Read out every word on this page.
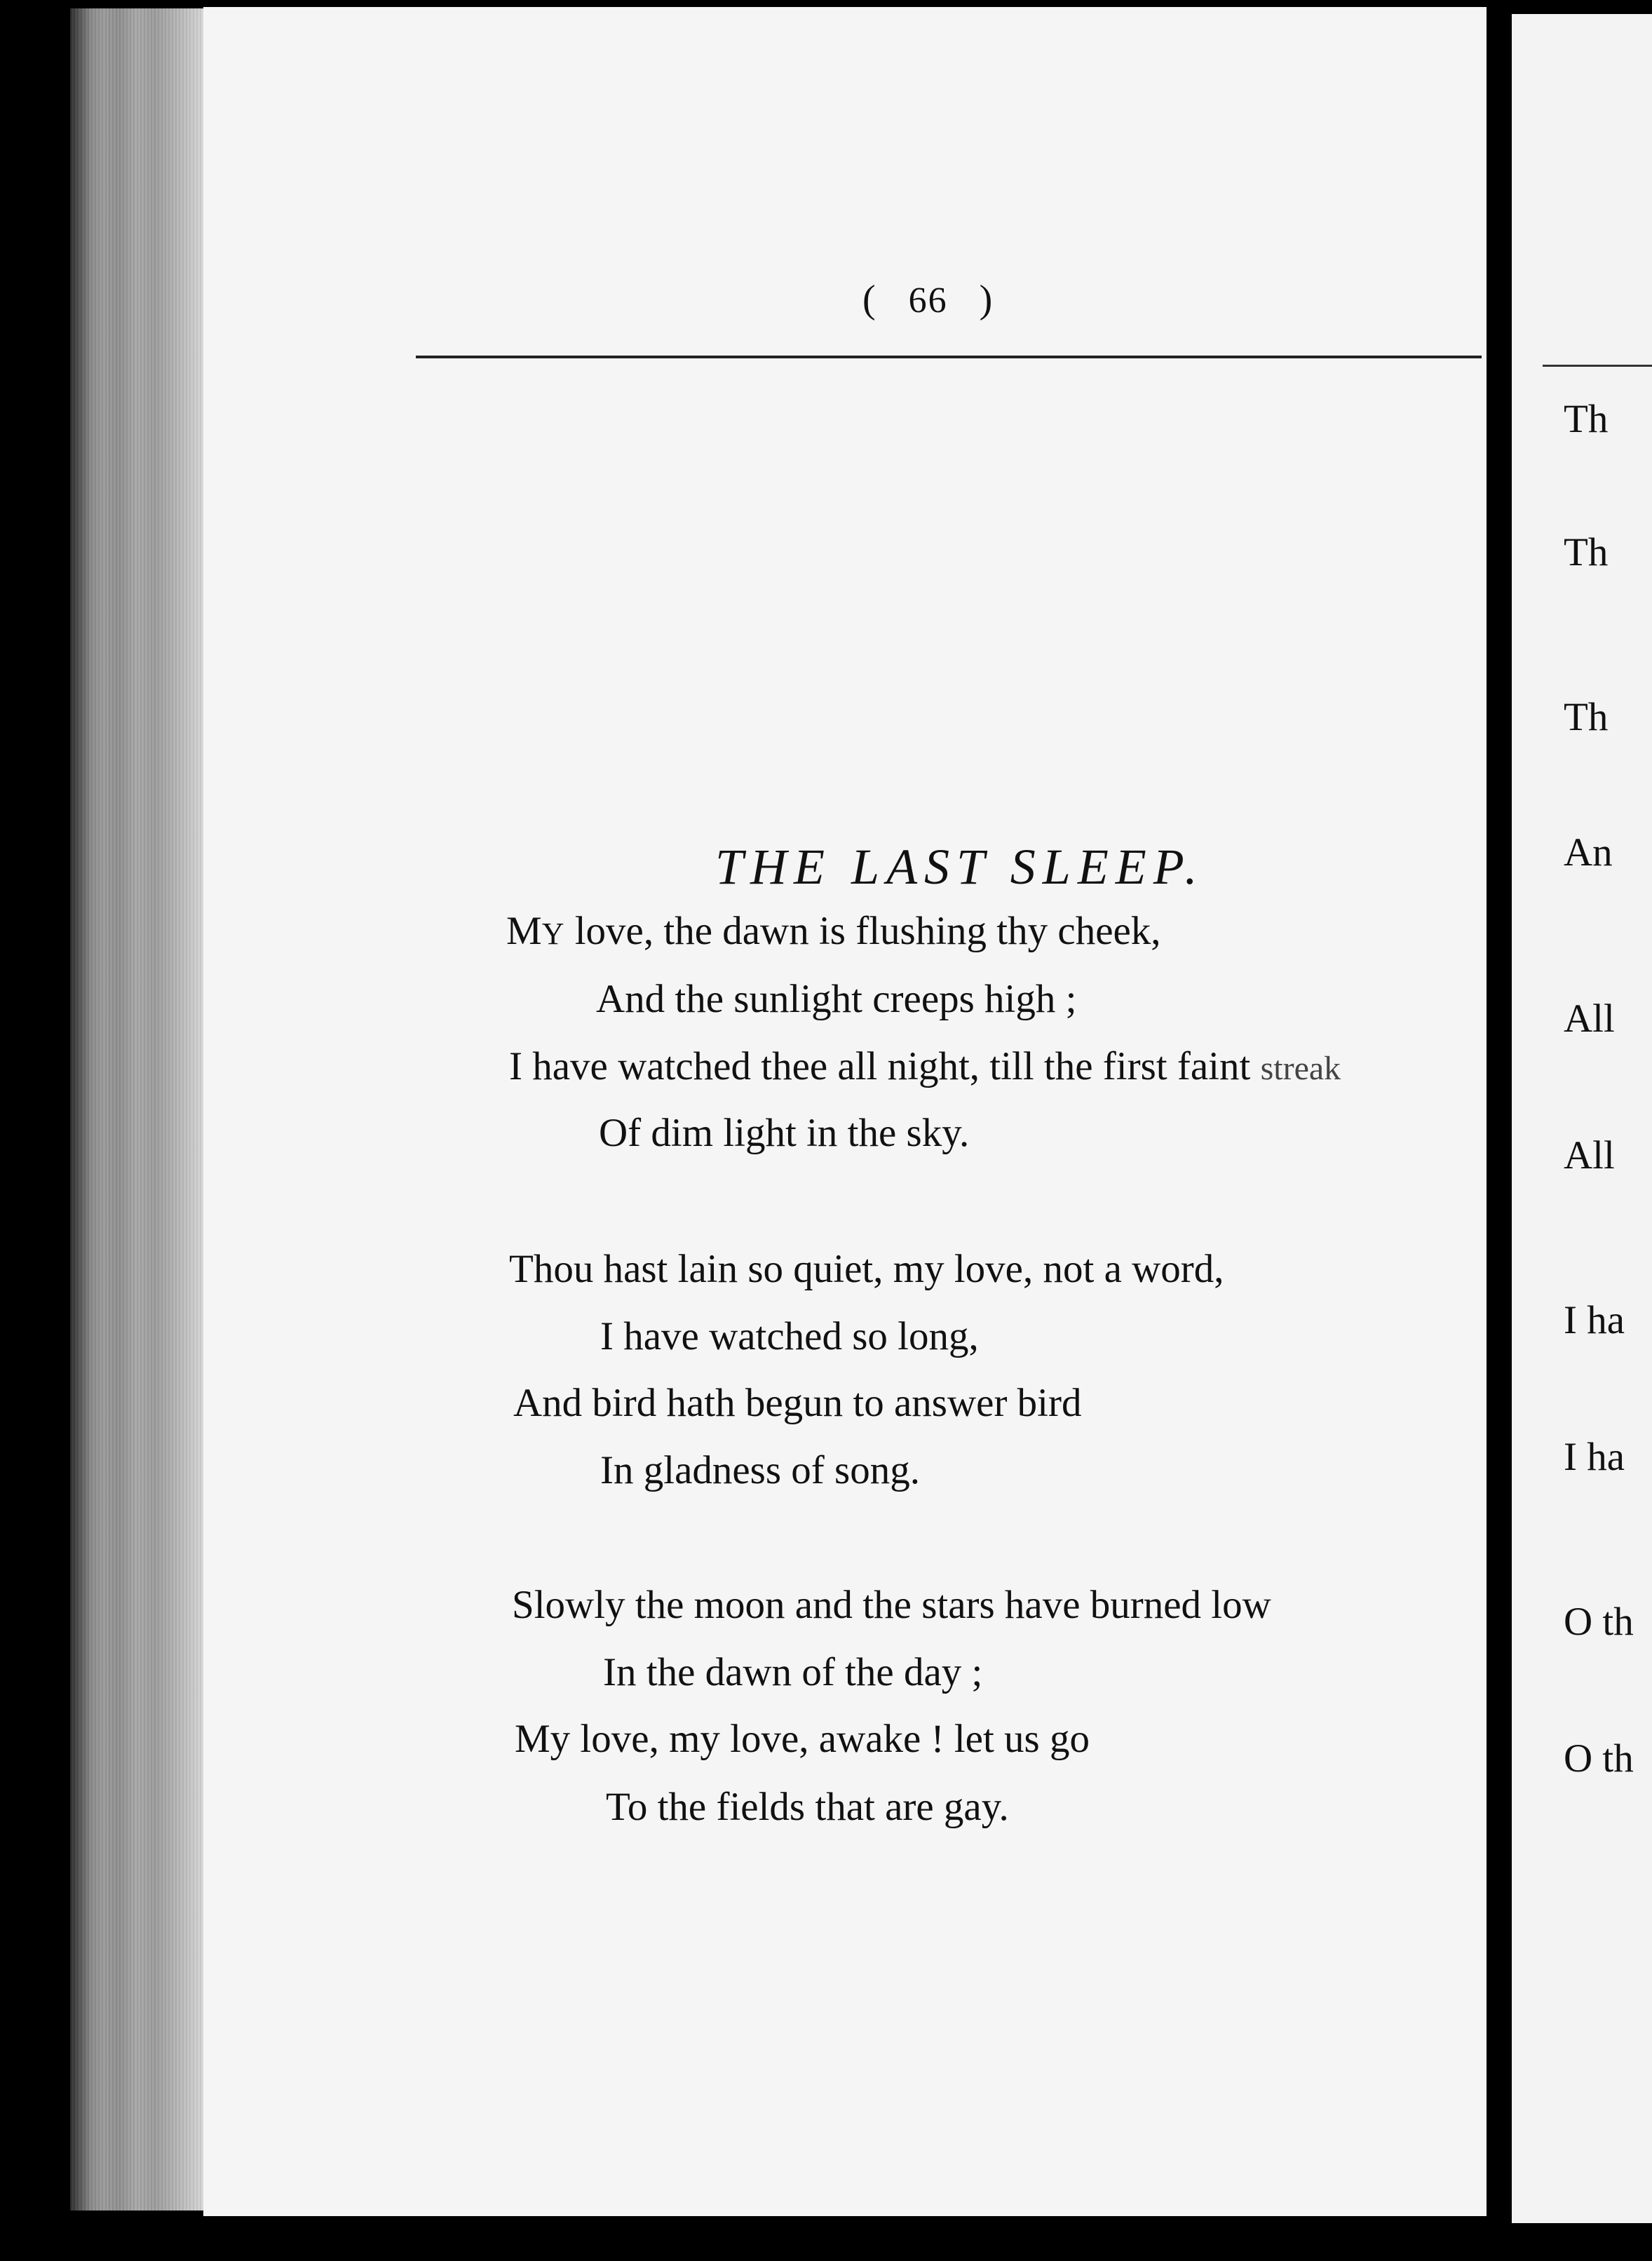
( 66 )
THE LAST SLEEP.
MY love, the dawn is flushing thy cheek,
And the sunlight creeps high ;
I have watched thee all night, till the first faint streak
Of dim light in the sky.
Thou hast lain so quiet, my love, not a word,
I have watched so long,
And bird hath begun to answer bird
In gladness of song.
Slowly the moon and the stars have burned low
In the dawn of the day ;
My love, my love, awake ! let us go
To the fields that are gay.
Th
Th
Th
An
All
All
I ha
I ha
O th
O th
